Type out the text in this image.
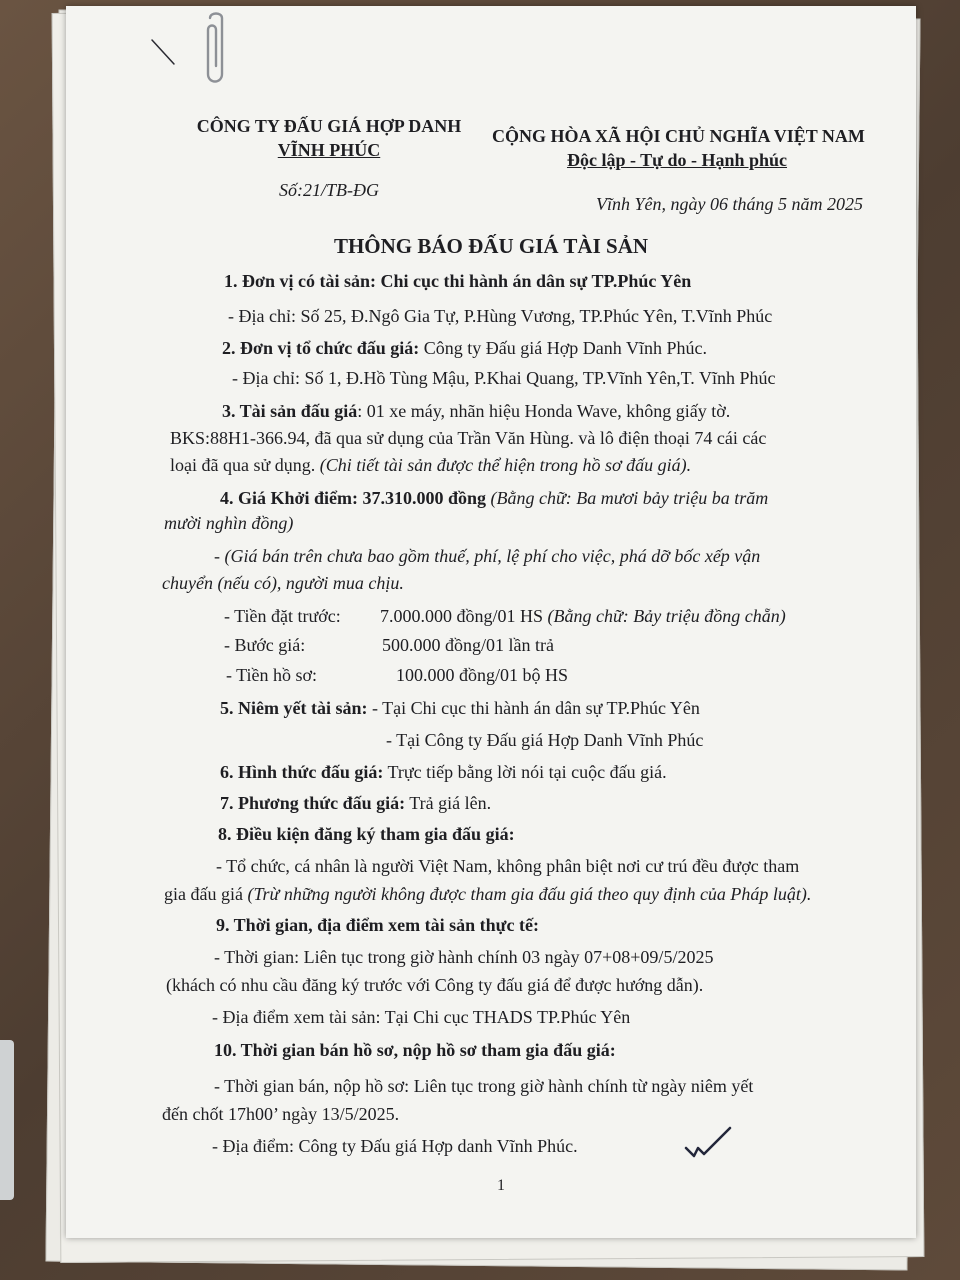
CÔNG TY ĐẤU GIÁ HỢP DANH
VĨNH PHÚC
Số:21/TB-ĐG
CỘNG HÒA XÃ HỘI CHỦ NGHĨA VIỆT NAM
Độc lập - Tự do - Hạnh phúc
Vĩnh Yên, ngày 06 tháng 5 năm 2025
THÔNG BÁO ĐẤU GIÁ TÀI SẢN
1. Đơn vị có tài sản: Chi cục thi hành án dân sự TP.Phúc Yên
- Địa chỉ: Số 25, Đ.Ngô Gia Tự, P.Hùng Vương, TP.Phúc Yên, T.Vĩnh Phúc
2. Đơn vị tổ chức đấu giá: Công ty Đấu giá Hợp Danh Vĩnh Phúc.
- Địa chỉ: Số 1, Đ.Hồ Tùng Mậu, P.Khai Quang, TP.Vĩnh Yên,T. Vĩnh Phúc
3. Tài sản đấu giá: 01 xe máy, nhãn hiệu Honda Wave, không giấy tờ.
BKS:88H1-366.94, đã qua sử dụng của Trần Văn Hùng. và lô điện thoại 74 cái các
loại đã qua sử dụng. (Chi tiết tài sản được thể hiện trong hồ sơ đấu giá).
4. Giá Khởi điểm: 37.310.000 đồng (Bằng chữ: Ba mươi bảy triệu ba trăm
mười nghìn đồng)
- (Giá bán trên chưa bao gồm thuế, phí, lệ phí cho việc, phá dỡ bốc xếp vận
chuyển (nếu có), người mua chịu.
- Tiền đặt trước: 7.000.000 đồng/01 HS (Bằng chữ: Bảy triệu đồng chẵn)
- Bước giá:	500.000 đồng/01 lần trả
- Tiền hồ sơ:	100.000 đồng/01 bộ HS
5. Niêm yết tài sản: - Tại Chi cục thi hành án dân sự TP.Phúc Yên
- Tại Công ty Đấu giá Hợp Danh Vĩnh Phúc
6. Hình thức đấu giá: Trực tiếp bằng lời nói tại cuộc đấu giá.
7. Phương thức đấu giá: Trả giá lên.
8. Điều kiện đăng ký tham gia đấu giá:
- Tổ chức, cá nhân là người Việt Nam, không phân biệt nơi cư trú đều được tham
gia đấu giá (Trừ những người không được tham gia đấu giá theo quy định của Pháp luật).
9. Thời gian, địa điểm xem tài sản thực tế:
- Thời gian: Liên tục trong giờ hành chính 03 ngày 07+08+09/5/2025
(khách có nhu cầu đăng ký trước với Công ty đấu giá để được hướng dẫn).
- Địa điểm xem tài sản: Tại Chi cục THADS TP.Phúc Yên
10. Thời gian bán hồ sơ, nộp hồ sơ tham gia đấu giá:
- Thời gian bán, nộp hồ sơ: Liên tục trong giờ hành chính từ ngày niêm yết
đến chốt 17h00’ ngày 13/5/2025.
- Địa điểm: Công ty Đấu giá Hợp danh Vĩnh Phúc.
1
